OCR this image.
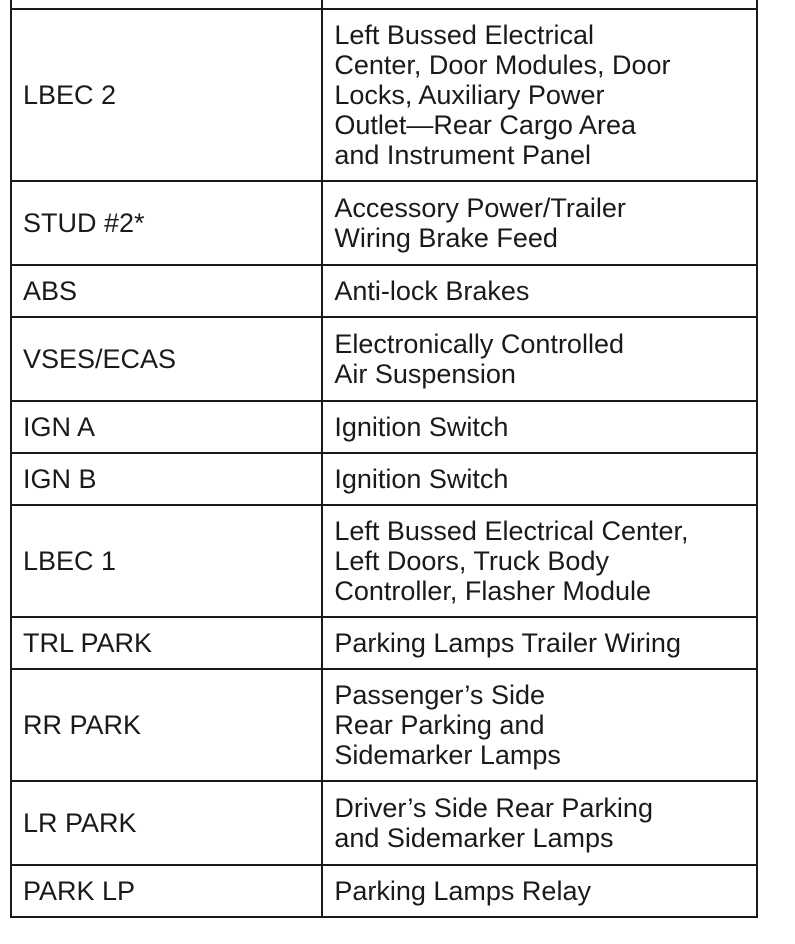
LBEC 2	Left Bussed Electrical
Center, Door Modules, Door
Locks, Auxiliary Power
Outlet—Rear Cargo Area
and Instrument Panel

STUD #2*	Accessory Power/Trailer
Wiring Brake Feed

ABS	Anti-lock Brakes

VSES/ECAS	Electronically Controlled
Air Suspension

IGN A	Ignition Switch

IGN B	Ignition Switch

LBEC 1	Left Bussed Electrical Center,
Left Doors, Truck Body
Controller, Flasher Module

TRL PARK	Parking Lamps Trailer Wiring

RR PARK	Passenger’s Side
Rear Parking and
Sidemarker Lamps

LR PARK	Driver’s Side Rear Parking
and Sidemarker Lamps

PARK LP	Parking Lamps Relay
